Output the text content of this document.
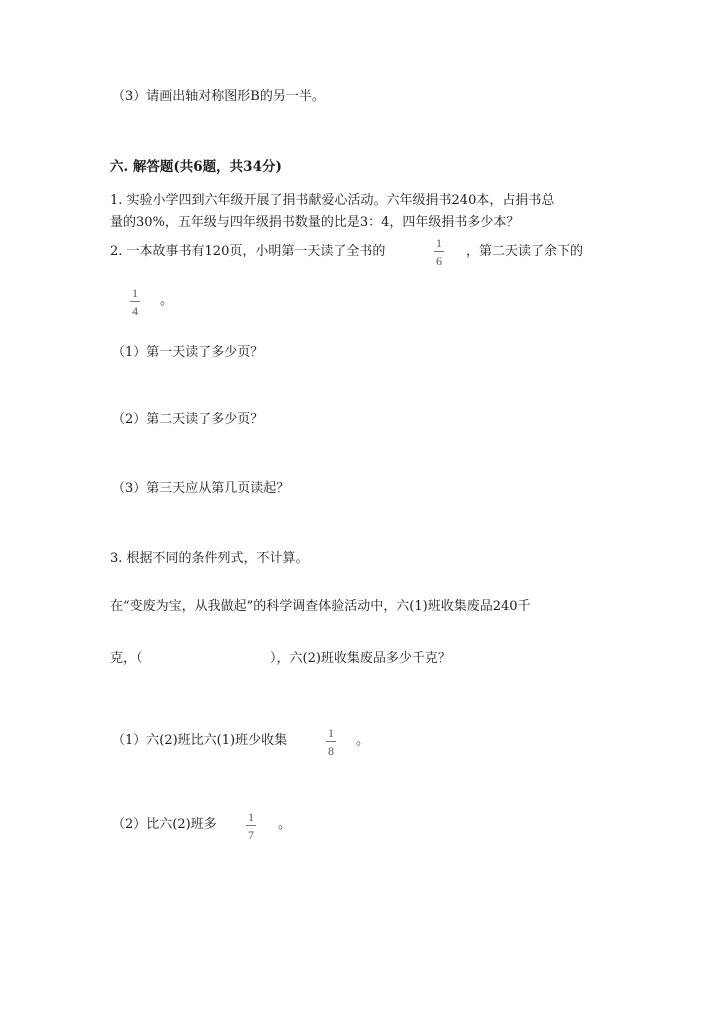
（3）请画出轴对称图形B的另一半。
六. 解答题(共6题，共34分)
1. 实验小学四到六年级开展了捐书献爱心活动。六年级捐书240本，占捐书总
量的30%，五年级与四年级捐书数量的比是3：4，四年级捐书多少本？
2. 一本故事书有120页，小明第一天读了全书的
1
6
，第二天读了余下的
1
4
。
（1）第一天读了多少页？
（2）第二天读了多少页？
（3）第三天应从第几页读起？
3. 根据不同的条件列式，不计算。
在“变废为宝，从我做起”的科学调查体验活动中，六(1)班收集废品240千
克，（	），六(2)班收集废品多少千克？
（1）六(2)班比六(1)班少收集	1
8
。
（2）比六(2)班多	1
7
。
